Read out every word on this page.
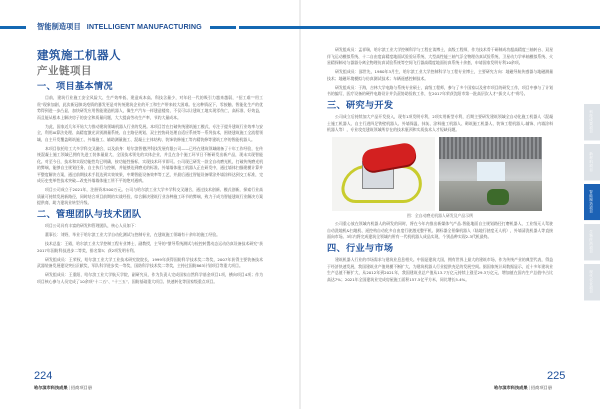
智能制造项目 INTELLIGENT MANUFACTURING
建筑施工机器人
产业链项目
一、项目基本情况

目前，建筑行业施工安全风险大、生产效率低、建造成本高、科技含量少，对年轻一代的吸引力越来越弱，“招工难”“用工贵”现象加剧，此次新冠肺炎疫情的暴发更是对传统建筑企业的开工和生产带来较大困难。在这种情况下，零接触、智能化生产的优势得到进一步凸显，加快研发应用智能建造机器人，像生产汽车一样建造楼房，不仅可以让建筑工地实现零伤亡，高标准、好效益，而且能从根本上解决房子的安全和质量问题，大大提高劳动生产率，节约大量成本。

为此，国家近几年开始大力推动建筑领域机器人行业的发展。本项目旨在打破传统建筑施工模式，专注于提升建筑行业效率与安全，利用AI算法处理、高精度激光识别测量系统、自主路径规划、双主控协同处理自适应系统等一系列技术，围绕建筑施工全流程领域，自主开发覆盖砌筑施工、外墙施工、辅助测量施工、混凝土主体结构、装饰装修施工等内精装修等建筑工序的智能机器人。

本项目依托哈工大多学科交叉融合，以及前身：哈尔滨智德洪科技发展有限公司——已经在建筑领域储备了十年工作经验，在传统混凝土施工领域已拥有先进工装体量最大，全国技术领先的实体企业，并且在各个施工环节日不断研发出新产品，现未实现智能化。对至今日，技术和实现功能性均已明确，按功能性指标，实现技术环节即可。公司现已研发一款全自动磨光机，打破传统磨光机的弊端，能够自主规划任务，自主执行与控制，并能够达到磨光的标准。外墙墙体施工机器人正在研发中，通过墙体扫描建模计算并平整度解决方案，通过前期技术手段达到实效效果，中期智能设备效率等工艺，并最后通过智能设备喷涂外墙涂料达到交工标准，完成历史变革性技术突破—改变外墙墙体施工所不平的绝对通病。

项目公司成立于2021年，注册资本500万元。公司与哈尔滨工业大学多学科交叉融合，通过技术创新、模式创新，探索行业高质量可持续发展新路径，同时结合项目前期的实战经验，综合解决建筑行业各种施工环节的弊端，致力于成为智能建筑行业解决方案提供商，助力建筑业转型升级。

二、管理团队与技术团队

项目公司具有丰富的研发和管理团队，核心人员如下：

董事长：刘野，毕业于哈尔滨工业大学自动化测试与控制专业，在建筑施工领域有十余年的施工经验。

技术总监：王殿，哈尔滨工业大学控制工程专业博士，副教授，主导的“惯导系统测试与检控转置动态运动仿真设备技术研究”获2017年国防科技进步二等奖，排名第5；获2项发明专利。

研发组成员：王荣权，哈尔滨工业大学工业技术研究院院长，1999年获得国防科学技术奖二等奖，2007年获得主要装备技术武器装备发展建设突出贡献奖，军队科学进步奖一等奖，国防科学技术奖二等奖，主持过国防863计划项目等重大项目。

研发组成员：王重阳，哈尔滨工业大学航天学院，副研究员，作为负责人完成国家自然科学基金项目1项，横向项目4项；作为项目核心参与人员完成了10余项“十二五”、“十三五”、国防基础重大项目、快速转化等国家级重点项目。

研发组成员：孟祥瑞，哈尔滨工业大学控制科学与工程在读博士，高级工程师，作为技术骨干研制成功超高精度三轴转台、双星伴飞运动模拟系统、十二自由度高精度地面试验验证系统、大型高性能三轴气浮全物理仿真试验系统、卫星动力学单轴模拟系统、火星精探制动与器器分离全物理仿真试验系统等空间飞行器高精度地面仿真系统十余套，申请国家发明专利10余项。

研发组成员：邵世先，1980年3月生，哈尔滨工业大学控制科学与工程专业博士，主要研究方向：地磁导航传感器与地磁测量技术；地磁环境模拟与仿真测试技术；车辆遥感控制技术。

研发组成员：于海，吉林大学电路与系统专业硕士，高级工程师，参与了多个国家以及省市项目的研发工作，项目中参与了计划书的编写，医疗设备的硬件电路设计并负责协助验收工作，在2017年荣获沈阳市第一批高层次人才“拔尖人才”称号。

三、研究与开发

公司成立后持续加大产品开发投入，现有1项发明专利，2项实用新型专利，后期主要研发建筑领域全自动化施工机器人（混凝土施工机器人、自主行进四足铁壁机器人、外墙保温、抹灰、涂料施工机器人、砌筑施工机器人、装饰工程机器人-辅饰、内墙涂料机器人等），专业攻克建筑领域所存在的技术瓶颈和实质技术人才短缺问题。

图：全自动磨光机器人研发及产品示例

公司重心放在领域内机器人的研发的同时，将在今年内推出新媒体气产品-智能地面自主规划路径打磨机器人、工业级无人驾驶自动洗地机&扫地机、遥控构自动化多自由度行驶激光整平机、测标器全景像机器人（陆地行驶度无人机），外墙清洗机器人等直接面向市场。3年内将完成建筑全领域内所有一代机机器人成品实现，个别品种实现2-3代机最终。

四、行业与市场

建筑机器人行业的市场需求与建筑业息息相关。中国是建筑大国，拥有世界上最大的建筑市场，作为传统产业的典型代表，得益于经济快速发展，我国建筑业产值规模不断扩大，为建筑机器人行业提供充足的发展空间。据国家统计局数据显示，近十多年建筑业生产总值不断扩大，从2012年到2021年，我国建筑业总产值从13.7万亿元持续上涨至29.3万亿元，增加值在国内生产总值中占比高达7%；2021年全国建筑业完成房屋施工面积157.5亿平方米，同比增长5.4%。

224
哈尔滨市科技成果|招商项目册
225
哈尔滨市科技成果|招商项目册
科技成果项目
新材料项目
智能制造项目
生物医药项目
现代农业项目
